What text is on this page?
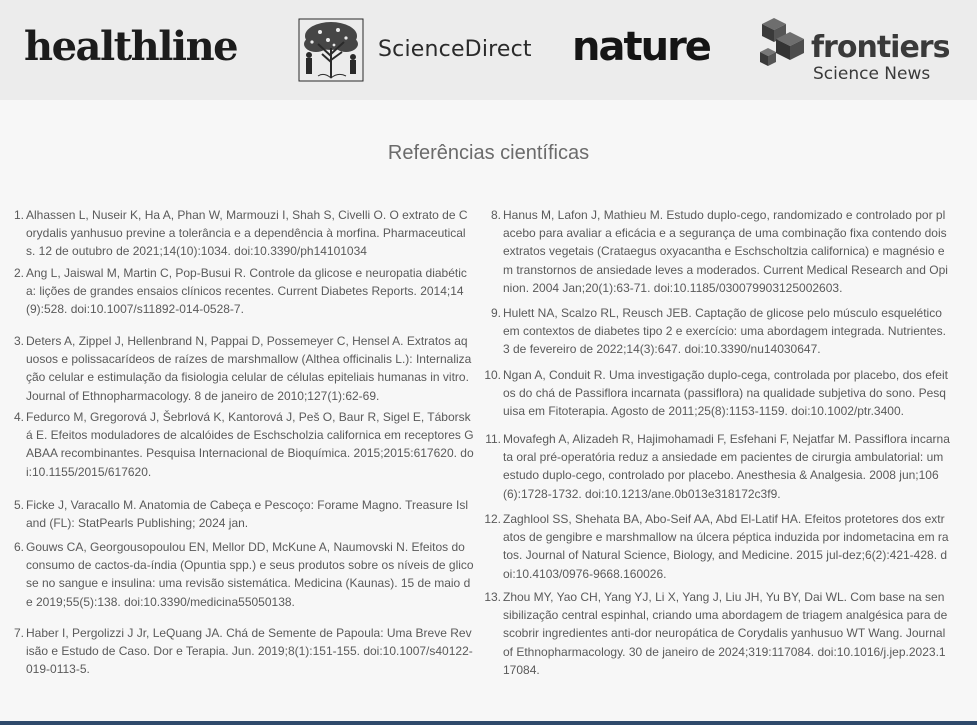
healthline	ScienceDirect nature	frontiers
Science News
Referências científicas
1. Alhassen L, Nuseir K, Ha A, Phan W, Marmouzi I, Shah S, Civelli O. O extrato de Corydalis yanhusuo previne a tolerância e a dependência à morfina. Pharmaceuticals. 12 de outubro de 2021;14(10):1034. doi:10.3390/ph14101034
2. Ang L, Jaiswal M, Martin C, Pop-Busui R. Controle da glicose e neuropatia diabética: lições de grandes ensaios clínicos recentes. Current Diabetes Reports. 2014;14(9):528. doi:10.1007/s11892-014-0528-7.
3. Deters A, Zippel J, Hellenbrand N, Pappai D, Possemeyer C, Hensel A. Extratos aquosos e polissacarídeos de raízes de marshmallow (Althea officinalis L.): Internalização celular e estimulação da fisiologia celular de células epiteliais humanas in vitro. Journal of Ethnopharmacology. 8 de janeiro de 2010;127(1):62-69.
4. Fedurco M, Gregorová J, Šebrlová K, Kantorová J, Peš O, Baur R, Sigel E, Táborská E. Efeitos moduladores de alcalóides de Eschscholzia californica em receptores GABAA recombinantes. Pesquisa Internacional de Bioquímica. 2015;2015:617620. doi:10.1155/2015/617620.
5. Ficke J, Varacallo M. Anatomia de Cabeça e Pescoço: Forame Magno. Treasure Island (FL): StatPearls Publishing; 2024 jan.
6. Gouws CA, Georgousopoulou EN, Mellor DD, McKune A, Naumovski N. Efeitos do consumo de cactos-da-índia (Opuntia spp.) e seus produtos sobre os níveis de glicose no sangue e insulina: uma revisão sistemática. Medicina (Kaunas). 15 de maio de 2019;55(5):138. doi:10.3390/medicina55050138.
7. Haber I, Pergolizzi J Jr, LeQuang JA. Chá de Semente de Papoula: Uma Breve Revisão e Estudo de Caso. Dor e Terapia. Jun. 2019;8(1):151-155. doi:10.1007/s40122-019-0113-5.
8. Hanus M, Lafon J, Mathieu M. Estudo duplo-cego, randomizado e controlado por placebo para avaliar a eficácia e a segurança de uma combinação fixa contendo dois extratos vegetais (Crataegus oxyacantha e Eschscholtzia californica) e magnésio em transtornos de ansiedade leves a moderados. Current Medical Research and Opinion. 2004 Jan;20(1):63-71. doi:10.1185/030079903125002603.
9. Hulett NA, Scalzo RL, Reusch JEB. Captação de glicose pelo músculo esquelético em contextos de diabetes tipo 2 e exercício: uma abordagem integrada. Nutrientes. 3 de fevereiro de 2022;14(3):647. doi:10.3390/nu14030647.
10. Ngan A, Conduit R. Uma investigação duplo-cega, controlada por placebo, dos efeitos do chá de Passiflora incarnata (passiflora) na qualidade subjetiva do sono. Pesquisa em Fitoterapia. Agosto de 2011;25(8):1153-1159. doi:10.1002/ptr.3400.
11. Movafegh A, Alizadeh R, Hajimohamadi F, Esfehani F, Nejatfar M. Passiflora incarnata oral pré-operatória reduz a ansiedade em pacientes de cirurgia ambulatorial: um estudo duplo-cego, controlado por placebo. Anesthesia & Analgesia. 2008 jun;106(6):1728-1732. doi:10.1213/ane.0b013e318172c3f9.
12. Zaghlool SS, Shehata BA, Abo-Seif AA, Abd El-Latif HA. Efeitos protetores dos extratos de gengibre e marshmallow na úlcera péptica induzida por indometacina em ratos. Journal of Natural Science, Biology, and Medicine. 2015 jul-dez;6(2):421-428. doi:10.4103/0976-9668.160026.
13. Zhou MY, Yao CH, Yang YJ, Li X, Yang J, Liu JH, Yu BY, Dai WL. Com base na sensibilização central espinhal, criando uma abordagem de triagem analgésica para descobrir ingredientes anti-dor neuropática de Corydalis yanhusuo WT Wang. Journal of Ethnopharmacology. 30 de janeiro de 2024;319:117084. doi:10.1016/j.jep.2023.117084.
